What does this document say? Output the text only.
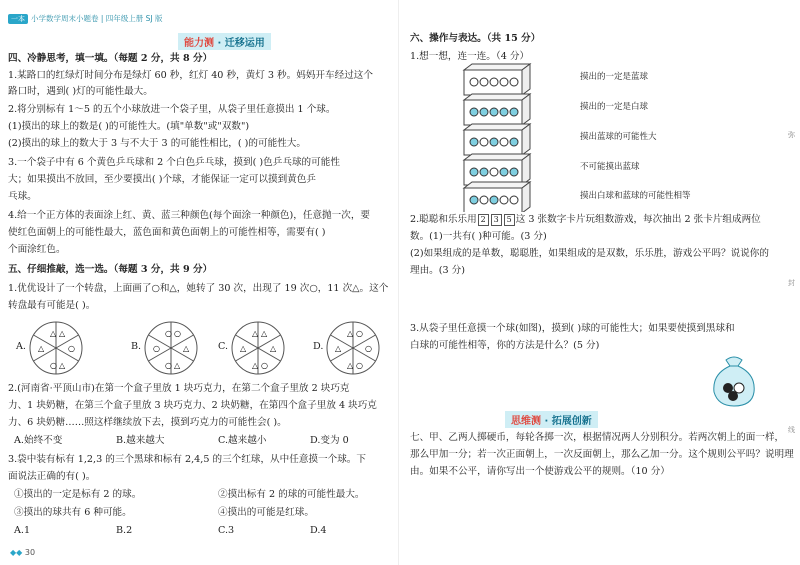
一本 小学数学周末小题卷 | 四年级上册 SJ 版
能力测 · 迁移运用
四、冷静思考，填一填。（每题 2 分，共 8 分）
1.某路口的红绿灯时间分布是绿灯 60 秒，红灯 40 秒，黄灯 3 秒。妈妈开车经过这个
路口时，遇到( )灯的可能性最大。
2.将分别标有 1～5 的五个小球放进一个袋子里，从袋子里任意摸出 1 个球。
(1)摸出的球上的数是( )的可能性大。(填"单数"或"双数")
(2)摸出的球上的数大于 3 与不大于 3 的可能性相比，( )的可能性大。
3.一个袋子中有 6 个黄色乒乓球和 2 个白色乒乓球，摸到( )色乒乓球的可能性
大；如果摸出不放回，至少要摸出( )个球，才能保证一定可以摸到黄色乒
乓球。
4.给一个正方体的表面涂上红、黄、蓝三种颜色(每个面涂一种颜色)，任意抛一次，要
使红色面朝上的可能性最大，蓝色面和黄色面朝上的可能性相等，需要有( )
个面涂红色。
五、仔细推敲，选一选。（每题 3 分，共 9 分）
1.优优设计了一个转盘，上面画了○和△，她转了 30 次，出现了 19 次○，11 次△。这个
转盘最有可能是( )。
A.
△ △
△	○
○ △
B.
○ ○
○	△
○ △
C.
△ △
△	△
△ ○
D.
△ ○
△	○
△ ○
2.(河南省·平顶山市)在第一个盒子里放 1 块巧克力，在第二个盒子里放 2 块巧克
力、1 块奶糖，在第三个盒子里放 3 块巧克力、2 块奶糖，在第四个盒子里放 4 块巧克
力、6 块奶糖……照这样继续放下去，摸到巧克力的可能性会( )。
A.始终不变	B.越来越大	C.越来越小	D.变为 0
3.袋中装有标有 1,2,3 的三个黑球和标有 2,4,5 的三个红球，从中任意摸一个球。下
面说法正确的有( )。
①摸出的一定是标有 2 的球。	②摸出标有 2 的球的可能性最大。
③摸出的球共有 6 种可能。	④摸出的可能是红球。
A.1	B.2	C.3	D.4
◆◆ 30
六、操作与表达。（共 15 分）
1.想一想，连一连。（4 分）
摸出的一定是蓝球
摸出的一定是白球
摸出蓝球的可能性大
不可能摸出蓝球
摸出白球和蓝球的可能性相等
2.聪聪和乐乐用 2 3 5 这 3 张数字卡片玩组数游戏，每次抽出 2 张卡片组成两位
数。(1)一共有( )种可能。(3 分)
(2)如果组成的是单数，聪聪胜，如果组成的是双数，乐乐胜，游戏公平吗？说说你的
理由。(3 分)
3.从袋子里任意摸一个球(如图)，摸到( )球的可能性大；如果要使摸到黑球和
白球的可能性相等，你的方法是什么？(5 分)
思维测 · 拓展创新
七、甲、乙两人掷硬币，每轮各掷一次，根据情况两人分别积分。若两次朝上的面一样，
那么甲加一分；若一次正面朝上，一次反面朝上，那么乙加一分。这个规则公平吗？说明理
由。如果不公平，请你写出一个使游戏公平的规则。（10 分）
弥
封
线
